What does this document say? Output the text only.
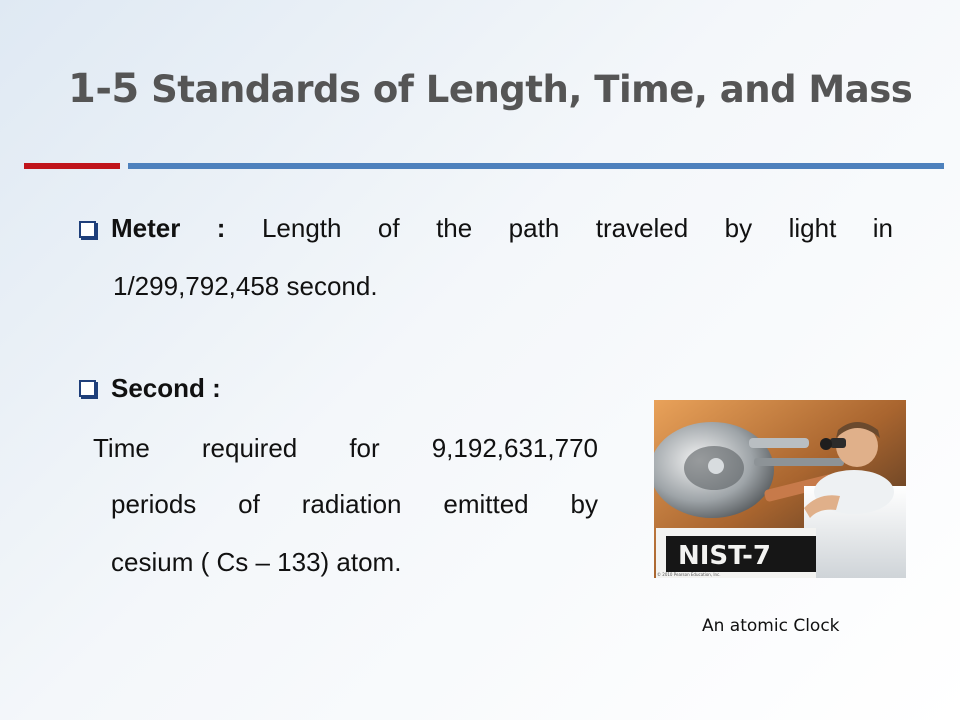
1-5 Standards of Length, Time, and Mass
Meter : Length of the path traveled by light in
1/299,792,458 second.
Second :
Time required for 9,192,631,770
periods of radiation emitted by
cesium ( Cs – 133) atom.	NIST-7
© 2010 Pearson Education, Inc.
An atomic Clock
